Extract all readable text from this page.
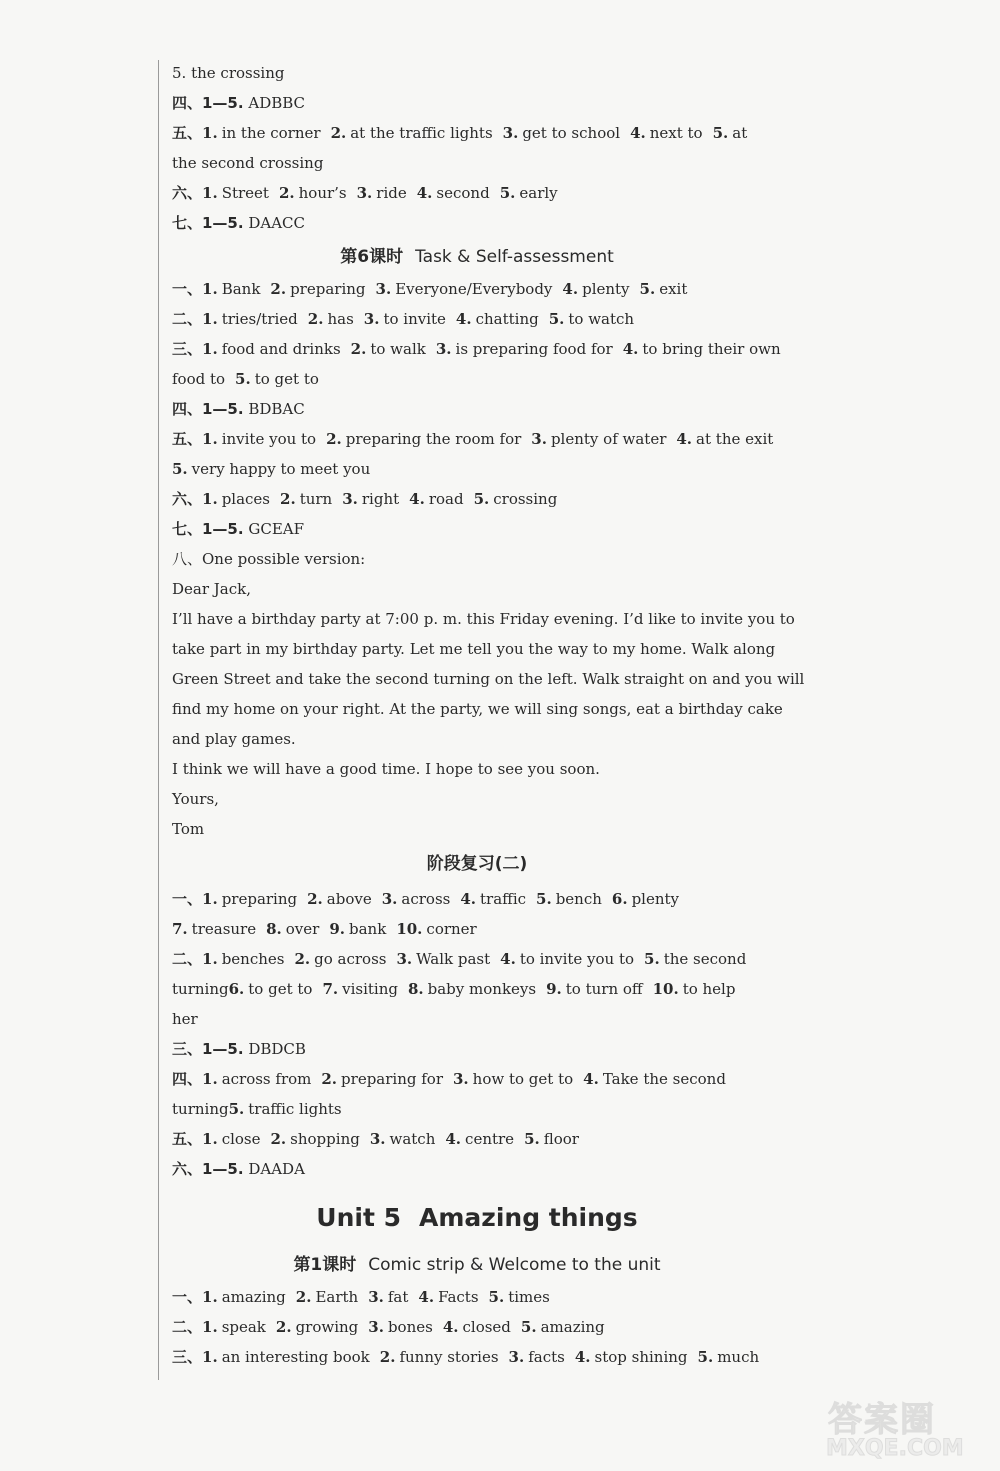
5. the crossing
四、1—5. ADBBC
五、1. in the corner 2. at the traffic lights 3. get to school 4. next to 5. at
the second crossing
六、1. Street 2. hour’s 3. ride 4. second 5. early
七、1—5. DAACC
第6课时 Task & Self-assessment
一、1. Bank 2. preparing 3. Everyone/Everybody 4. plenty 5. exit
二、1. tries/tried 2. has 3. to invite 4. chatting 5. to watch
三、1. food and drinks 2. to walk 3. is preparing food for 4. to bring their own
food to 5. to get to
四、1—5. BDBAC
五、1. invite you to 2. preparing the room for 3. plenty of water 4. at the exit
5. very happy to meet you
六、1. places 2. turn 3. right 4. road 5. crossing
七、1—5. GCEAF
八、One possible version:
Dear Jack,
I’ll have a birthday party at 7:00 p. m. this Friday evening. I’d like to invite you to
take part in my birthday party. Let me tell you the way to my home. Walk along
Green Street and take the second turning on the left. Walk straight on and you will
find my home on your right. At the party, we will sing songs, eat a birthday cake
and play games.
I think we will have a good time. I hope to see you soon.
Yours,
Tom
阶段复习(二)
一、1. preparing 2. above 3. across 4. traffic 5. bench 6. plenty
7. treasure 8. over 9. bank 10. corner
二、1. benches 2. go across 3. Walk past 4. to invite you to 5. the second
turning6. to get to 7. visiting 8. baby monkeys 9. to turn off 10. to help
her
三、1—5. DBDCB
四、1. across from 2. preparing for 3. how to get to 4. Take the second
turning5. traffic lights
五、1. close 2. shopping 3. watch 4. centre 5. floor
六、1—5. DAADA
Unit 5 Amazing things
第1课时 Comic strip & Welcome to the unit
一、1. amazing 2. Earth 3. fat 4. Facts 5. times
二、1. speak 2. growing 3. bones 4. closed 5. amazing
三、1. an interesting book 2. funny stories 3. facts 4. stop shining 5. much
答案圈
MXQE.COM
